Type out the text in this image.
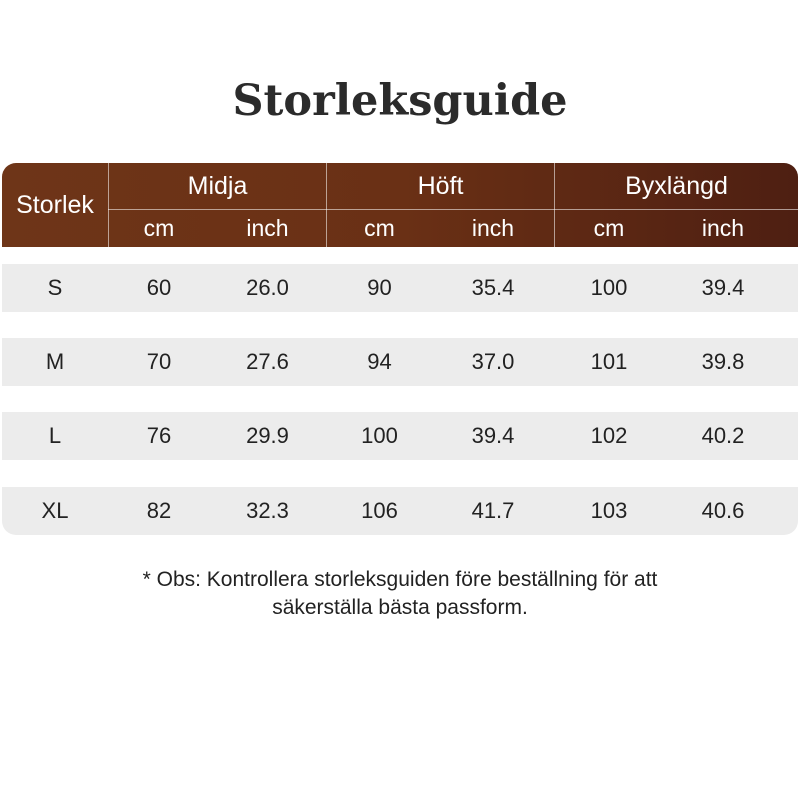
Storleksguide
Storlek
Midja	Höft	Byxlängd
cm	inch	cm	inch	cm	inch
S	60	26.0	90	35.4	100	39.4
M	70	27.6	94	37.0	101	39.8
L	76	29.9	100	39.4	102	40.2
XL	82	32.3	106	41.7	103	40.6
* Obs: Kontrollera storleksguiden före beställning för att
säkerställa bästa passform.
